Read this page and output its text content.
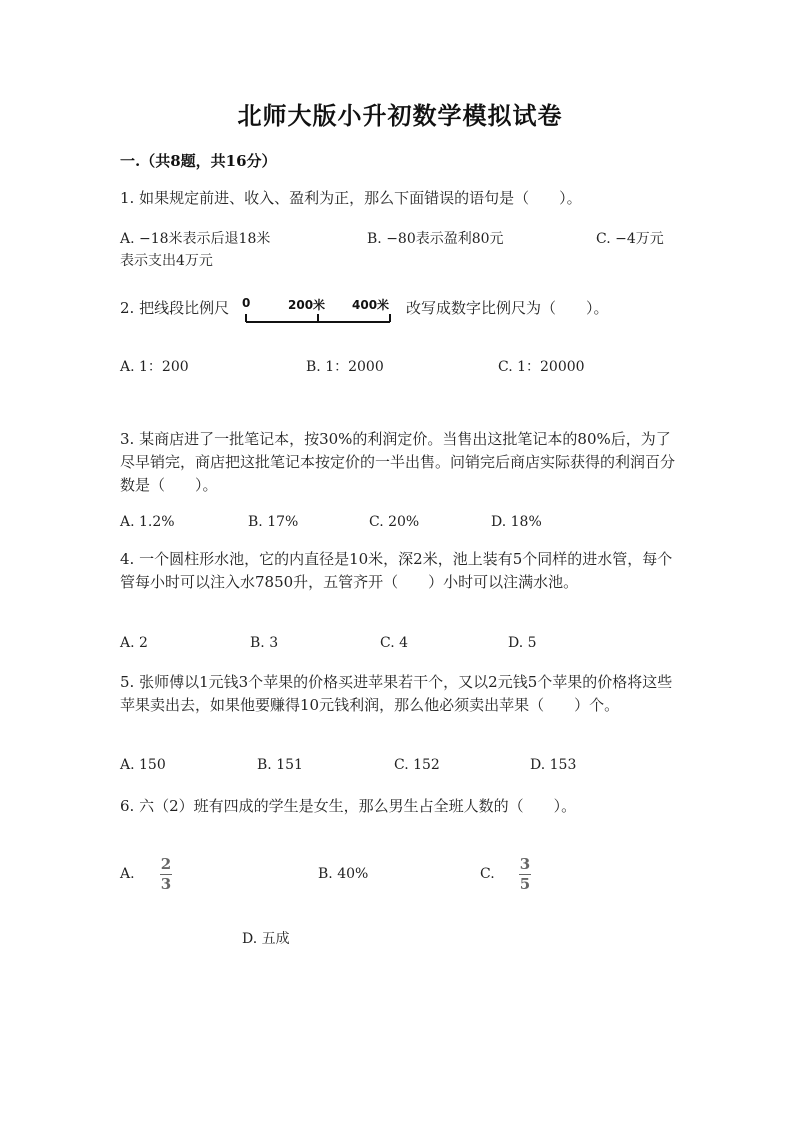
北师大版小升初数学模拟试卷
一.（共8题，共16分）
1. 如果规定前进、收入、盈利为正，那么下面错误的语句是（　　）。
A. −18米表示后退18米	B. −80表示盈利80元	C. −4万元
表示支出4万元
2. 把线段比例尺 0	200米 400米 改写成数字比例尺为（　　）。
A. 1：200	B. 1：2000	C. 1：20000
3. 某商店进了一批笔记本，按30%的利润定价。当售出这批笔记本的80%后，为了尽早销完，商店把这批笔记本按定价的一半出售。问销完后商店实际获得的利润百分数是（　　）。
A. 1.2%	B. 17%	C. 20%	D. 18%
4. 一个圆柱形水池，它的内直径是10米，深2米，池上装有5个同样的进水管，每个管每小时可以注入水7850升，五管齐开（　　）小时可以注满水池。
A. 2	B. 3	C. 4	D. 5
5. 张师傅以1元钱3个苹果的价格买进苹果若干个，又以2元钱5个苹果的价格将这些苹果卖出去，如果他要赚得10元钱利润，那么他必须卖出苹果（　　）个。
A. 150	B. 151	C. 152	D. 153
6. 六（2）班有四成的学生是女生，那么男生占全班人数的（　　）。
A.
2
3
B. 40%	C.
3
5
D. 五成
